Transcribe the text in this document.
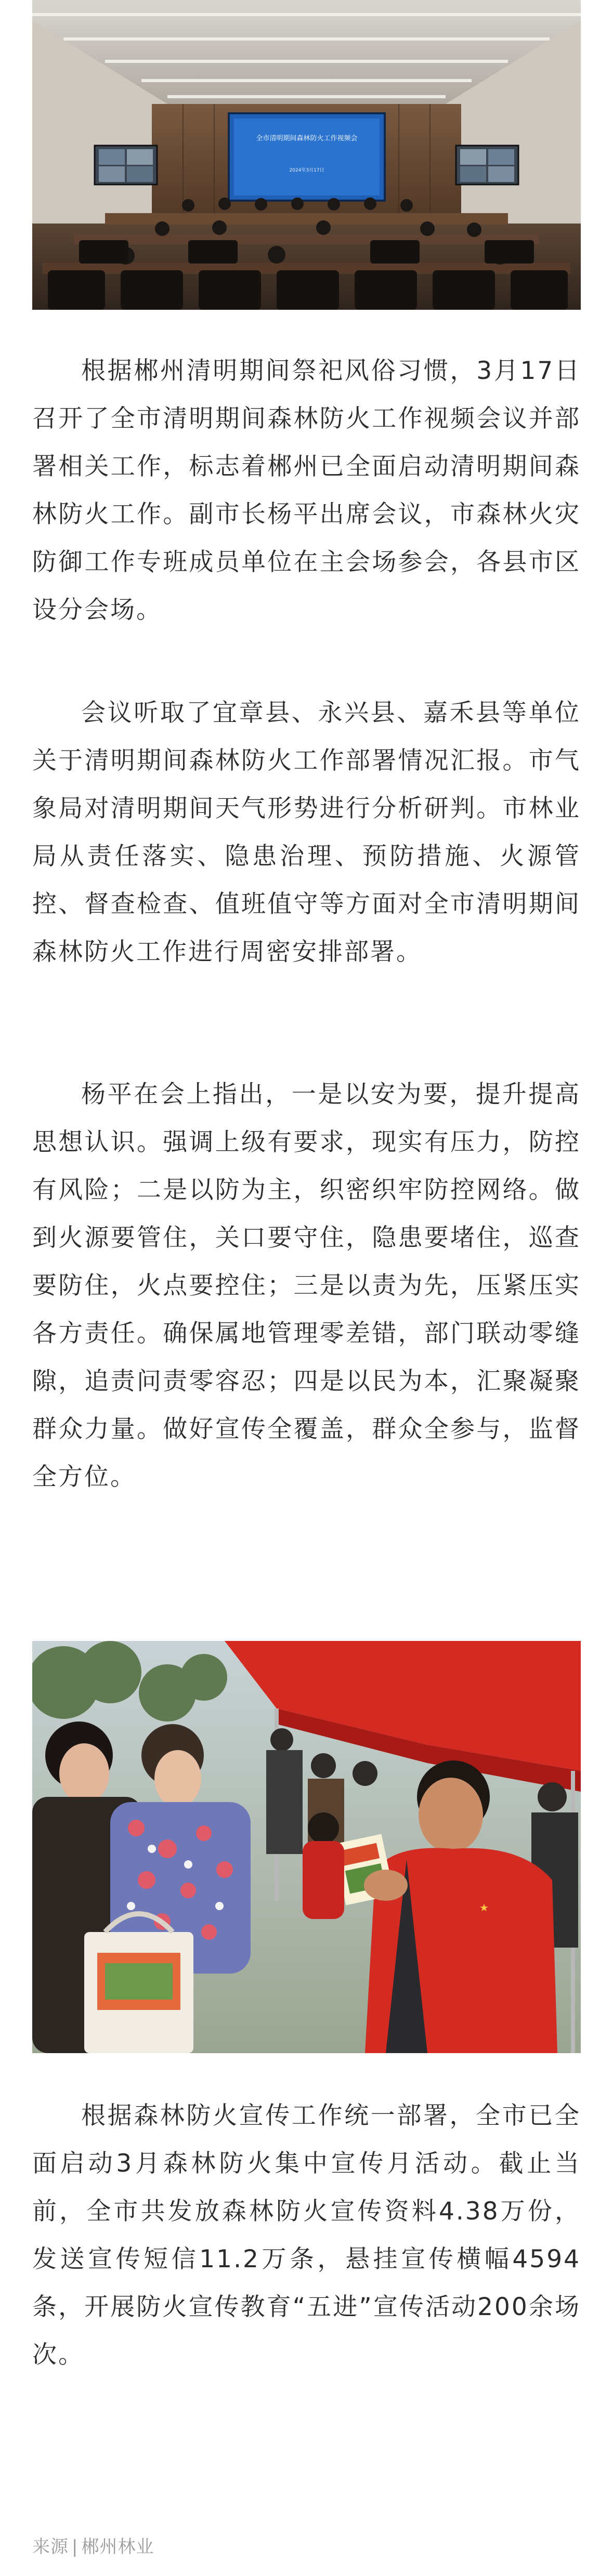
全市清明期间森林防火工作视频会
2024年3月17日

根据郴州清明期间祭祀风俗习惯，3月17日召开了全市清明期间森林防火工作视频会议并部署相关工作，标志着郴州已全面启动清明期间森林防火工作。副市长杨平出席会议，市森林火灾防御工作专班成员单位在主会场参会，各县市区设分会场。

会议听取了宜章县、永兴县、嘉禾县等单位关于清明期间森林防火工作部署情况汇报。市气象局对清明期间天气形势进行分析研判。市林业局从责任落实、隐患治理、预防措施、火源管控、督查检查、值班值守等方面对全市清明期间森林防火工作进行周密安排部署。

杨平在会上指出，一是以安为要，提升提高思想认识。强调上级有要求，现实有压力，防控有风险；二是以防为主，织密织牢防控网络。做到火源要管住，关口要守住，隐患要堵住，巡查要防住，火点要控住；三是以责为先，压紧压实各方责任。确保属地管理零差错，部门联动零缝隙，追责问责零容忍；四是以民为本，汇聚凝聚群众力量。做好宣传全覆盖，群众全参与，监督全方位。

★

根据森林防火宣传工作统一部署，全市已全面启动3月森林防火集中宣传月活动。截止当前，全市共发放森林防火宣传资料4.38万份，发送宣传短信11.2万条，悬挂宣传横幅4594条，开展防火宣传教育“五进”宣传活动200余场次。

来源 | 郴州林业
